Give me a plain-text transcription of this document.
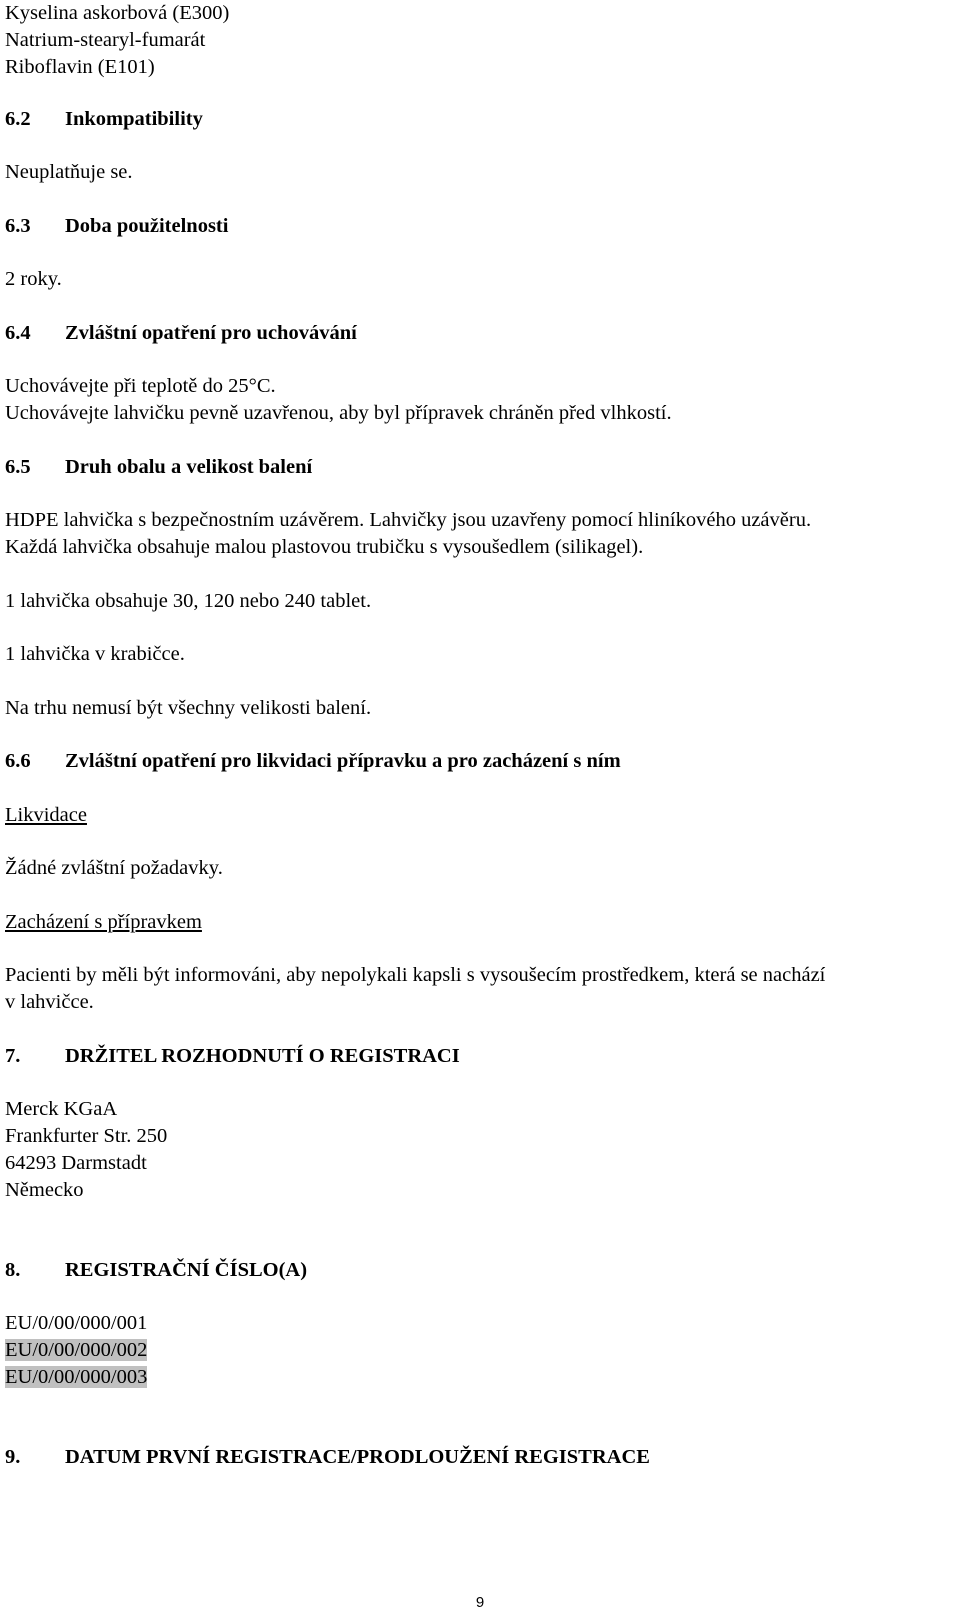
Kyselina askorbová (E300)
Natrium-stearyl-fumarát
Riboflavin (E101)
6.2 Inkompatibility
Neuplatňuje se.
6.3 Doba použitelnosti
2 roky.
6.4 Zvláštní opatření pro uchovávání
Uchovávejte při teplotě do 25°C.
Uchovávejte lahvičku pevně uzavřenou, aby byl přípravek chráněn před vlhkostí.
6.5 Druh obalu a velikost balení
HDPE lahvička s bezpečnostním uzávěrem. Lahvičky jsou uzavřeny pomocí hliníkového uzávěru.
Každá lahvička obsahuje malou plastovou trubičku s vysoušedlem (silikagel).
1 lahvička obsahuje 30, 120 nebo 240 tablet.
1 lahvička v krabičce.
Na trhu nemusí být všechny velikosti balení.
6.6 Zvláštní opatření pro likvidaci přípravku a pro zacházení s ním
Likvidace
Žádné zvláštní požadavky.
Zacházení s přípravkem
Pacienti by měli být informováni, aby nepolykali kapsli s vysoušecím prostředkem, která se nachází
v lahvičce.
7. DRŽITEL ROZHODNUTÍ O REGISTRACI
Merck KGaA
Frankfurter Str. 250
64293 Darmstadt
Německo
8. REGISTRAČNÍ ČÍSLO(A)
EU/0/00/000/001
EU/0/00/000/002
EU/0/00/000/003
9. DATUM PRVNÍ REGISTRACE/PRODLOUŽENÍ REGISTRACE
9
